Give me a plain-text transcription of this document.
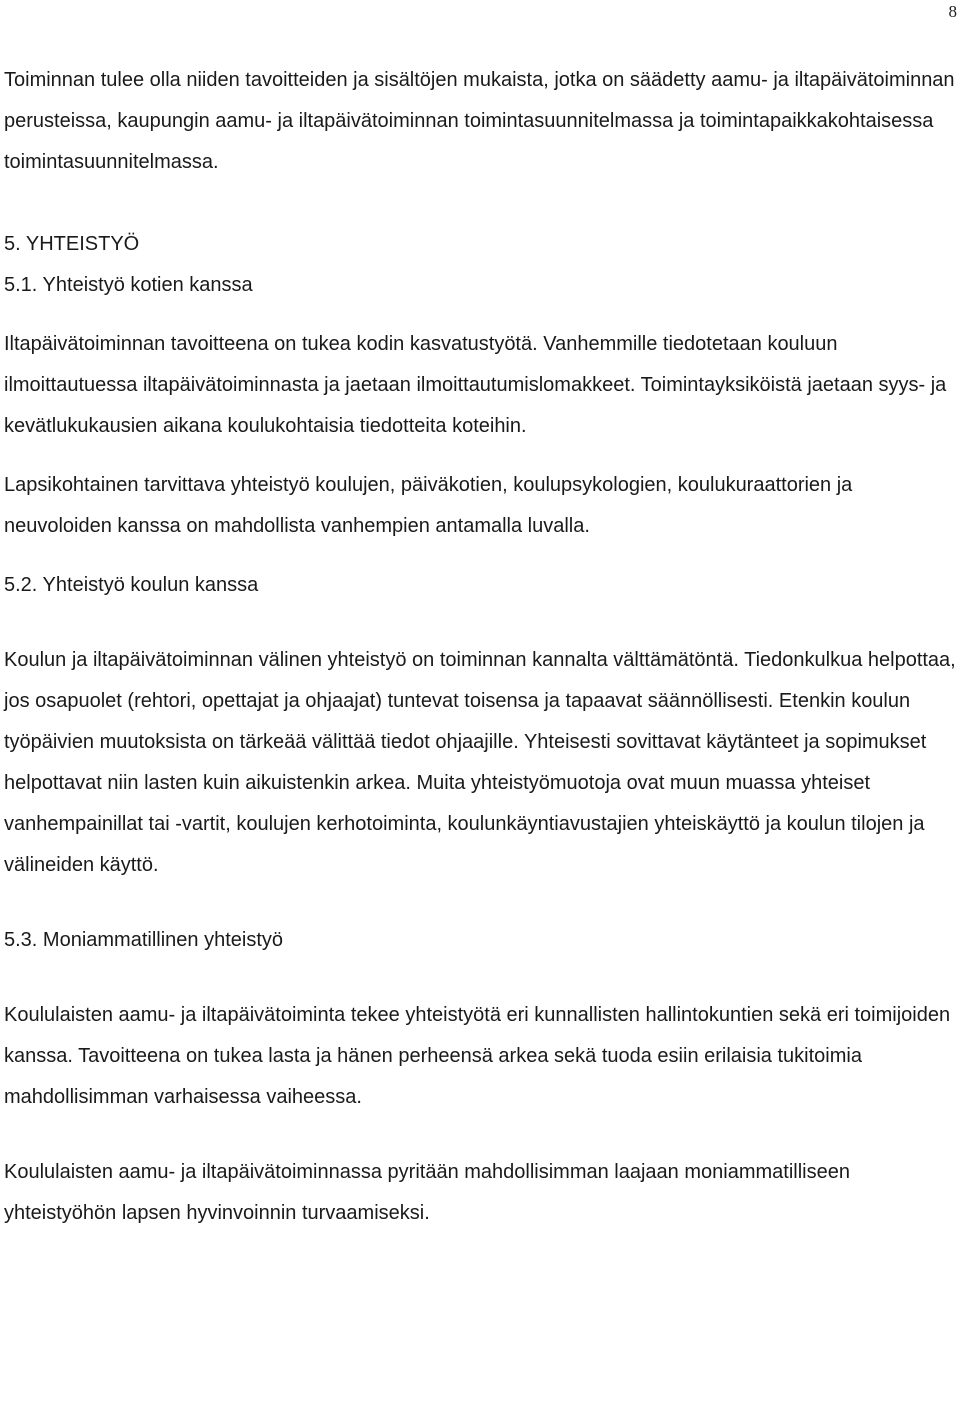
8

Toiminnan tulee olla niiden tavoitteiden ja sisältöjen mukaista, jotka on säädetty aamu- ja iltapäivätoiminnan perusteissa, kaupungin aamu- ja iltapäivätoiminnan toimintasuunnitelmassa ja toimintapaikkakohtaisessa toimintasuunnitelmassa.

5. YHTEISTYÖ

5.1. Yhteistyö kotien kanssa

Iltapäivätoiminnan tavoitteena on tukea kodin kasvatustyötä. Vanhemmille tiedotetaan kouluun ilmoittautuessa iltapäivätoiminnasta ja jaetaan ilmoittautumislomakkeet. Toimintayksiköistä jaetaan syys- ja kevätlukukausien aikana koulukohtaisia tiedotteita koteihin.

Lapsikohtainen tarvittava yhteistyö koulujen, päiväkotien, koulupsykologien, koulukuraattorien ja neuvoloiden kanssa on mahdollista vanhempien antamalla luvalla.

5.2. Yhteistyö koulun kanssa

Koulun ja iltapäivätoiminnan välinen yhteistyö on toiminnan kannalta välttämätöntä. Tiedonkulkua helpottaa, jos osapuolet (rehtori, opettajat ja ohjaajat) tuntevat toisensa ja tapaavat säännöllisesti. Etenkin koulun työpäivien muutoksista on tärkeää välittää tiedot ohjaajille. Yhteisesti sovittavat käytänteet ja sopimukset helpottavat niin lasten kuin aikuistenkin arkea. Muita yhteistyömuotoja ovat muun muassa yhteiset vanhempainillat tai -vartit, koulujen kerhotoiminta, koulunkäyntiavustajien yhteiskäyttö ja koulun tilojen ja välineiden käyttö.

5.3. Moniammatillinen yhteistyö

Koululaisten aamu- ja iltapäivätoiminta tekee yhteistyötä eri kunnallisten hallintokuntien sekä eri toimijoiden kanssa. Tavoitteena on tukea lasta ja hänen perheensä arkea sekä tuoda esiin erilaisia tukitoimia mahdollisimman varhaisessa vaiheessa.

Koululaisten aamu- ja iltapäivätoiminnassa pyritään mahdollisimman laajaan moniammatilliseen yhteistyöhön lapsen hyvinvoinnin turvaamiseksi.
